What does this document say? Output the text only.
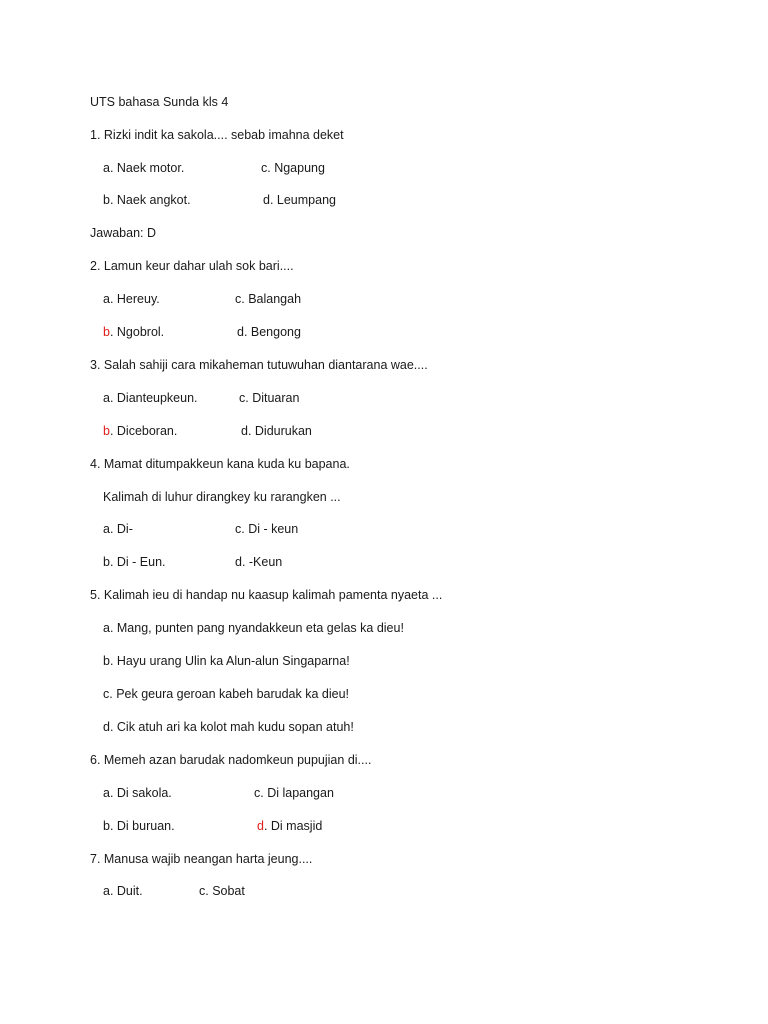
UTS bahasa Sunda kls 4
1. Rizki indit ka sakola.... sebab imahna deket
a. Naek motor.	c. Ngapung
b. Naek angkot.	d. Leumpang
Jawaban: D
2. Lamun keur dahar ulah sok bari....
a. Hereuy.	c. Balangah
b. Ngobrol.	d. Bengong
3. Salah sahiji cara mikaheman tutuwuhan diantarana wae....
a. Dianteupkeun.	c. Dituaran
b. Diceboran.	d. Didurukan
4. Mamat ditumpakkeun kana kuda ku bapana.
Kalimah di luhur dirangkey ku rarangken ...
a. Di-	c. Di - keun
b. Di - Eun.	d. -Keun
5. Kalimah ieu di handap nu kaasup kalimah pamenta nyaeta ...
a. Mang, punten pang nyandakkeun eta gelas ka dieu!
b. Hayu urang Ulin ka Alun-alun Singaparna!
c. Pek geura geroan kabeh barudak ka dieu!
d. Cik atuh ari ka kolot mah kudu sopan atuh!
6. Memeh azan barudak nadomkeun pupujian di....
a. Di sakola.	c. Di lapangan
b. Di buruan.	d. Di masjid
7. Manusa wajib neangan harta jeung....
a. Duit.	c. Sobat
